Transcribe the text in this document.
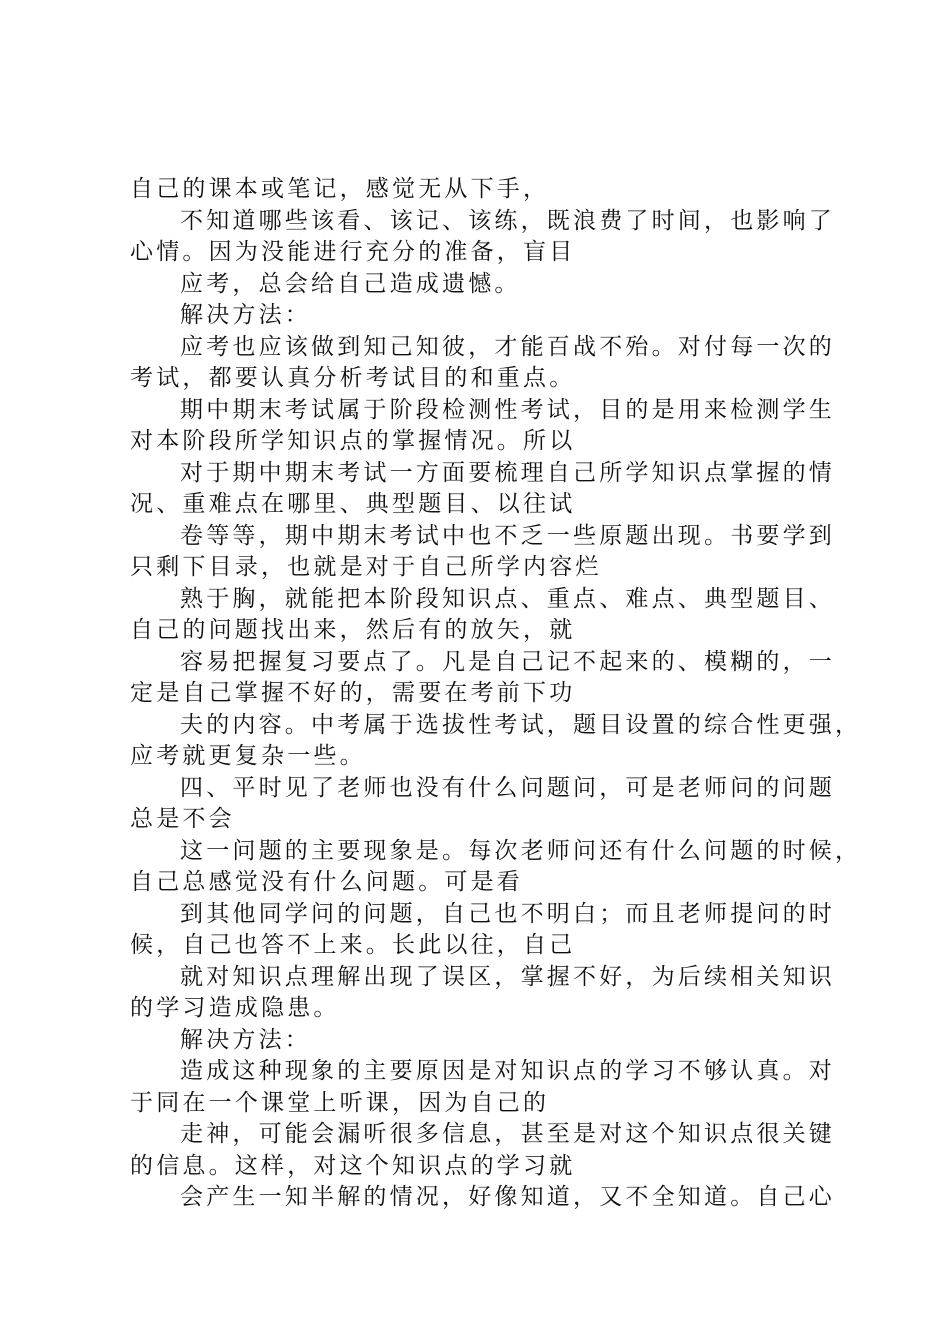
自己的课本或笔记，感觉无从下手，
不知道哪些该看、该记、该练，既浪费了时间，也影响了
心情。因为没能进行充分的准备，盲目
应考，总会给自己造成遗憾。
解决方法：
应考也应该做到知己知彼，才能百战不殆。对付每一次的
考试，都要认真分析考试目的和重点。
期中期末考试属于阶段检测性考试，目的是用来检测学生
对本阶段所学知识点的掌握情况。所以
对于期中期末考试一方面要梳理自己所学知识点掌握的情
况、重难点在哪里、典型题目、以往试
卷等等，期中期末考试中也不乏一些原题出现。书要学到
只剩下目录，也就是对于自己所学内容烂
熟于胸，就能把本阶段知识点、重点、难点、典型题目、
自己的问题找出来，然后有的放矢，就
容易把握复习要点了。凡是自己记不起来的、模糊的，一
定是自己掌握不好的，需要在考前下功
夫的内容。中考属于选拔性考试，题目设置的综合性更强，
应考就更复杂一些。
四、平时见了老师也没有什么问题问，可是老师问的问题
总是不会
这一问题的主要现象是。每次老师问还有什么问题的时候，
自己总感觉没有什么问题。可是看
到其他同学问的问题，自己也不明白；而且老师提问的时
候，自己也答不上来。长此以往，自己
就对知识点理解出现了误区，掌握不好，为后续相关知识
的学习造成隐患。
解决方法：
造成这种现象的主要原因是对知识点的学习不够认真。对
于同在一个课堂上听课，因为自己的
走神，可能会漏听很多信息，甚至是对这个知识点很关键
的信息。这样，对这个知识点的学习就
会产生一知半解的情况，好像知道，又不全知道。自己心
